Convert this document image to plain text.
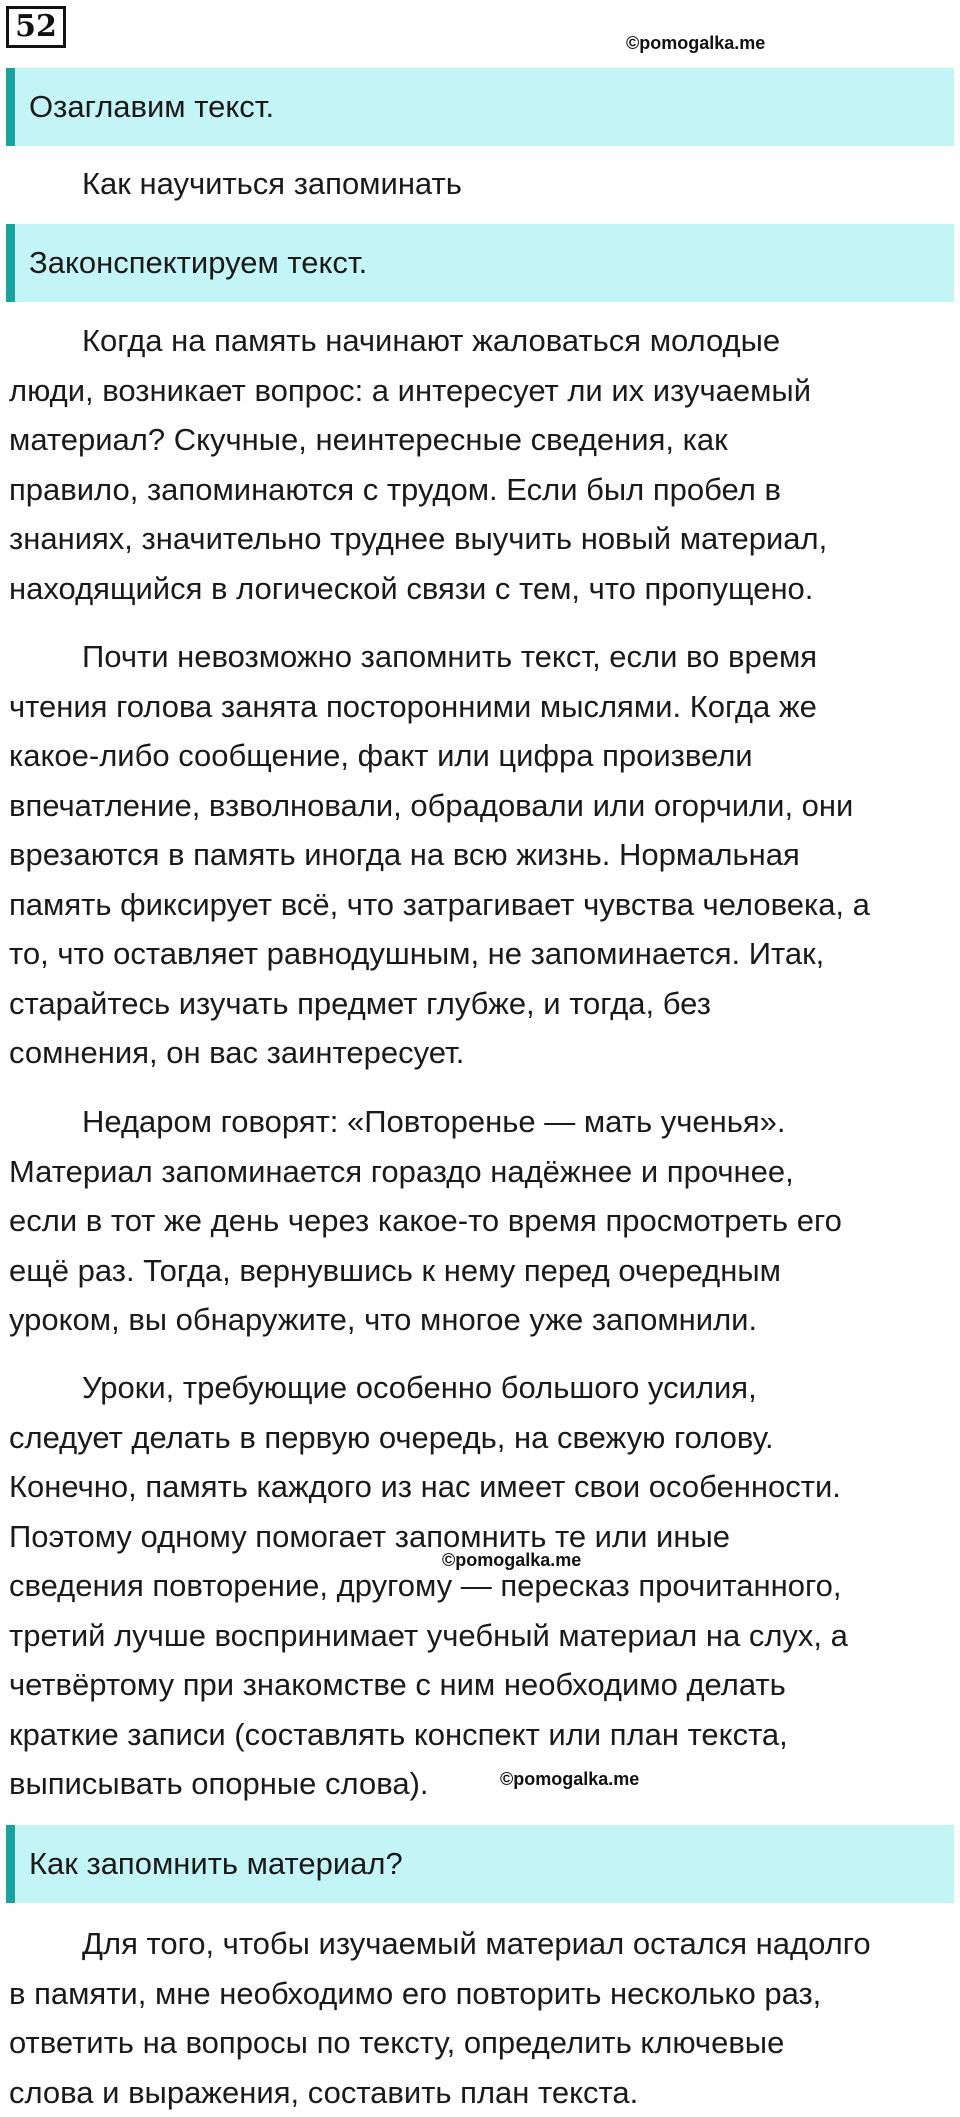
52	©pomogalka.me
Озаглавим текст.
Как научиться запоминать
Законспектируем текст.

Когда на память начинают жаловаться молодые
люди, возникает вопрос: а интересует ли их изучаемый
материал? Скучные, неинтересные сведения, как
правило, запоминаются с трудом. Если был пробел в
знаниях, значительно труднее выучить новый материал,
находящийся в логической связи с тем, что пропущено.

Почти невозможно запомнить текст, если во время
чтения голова занята посторонними мыслями. Когда же
какое-либо сообщение, факт или цифра произвели
впечатление, взволновали, обрадовали или огорчили, они
врезаются в память иногда на всю жизнь. Нормальная
память фиксирует всё, что затрагивает чувства человека, а
то, что оставляет равнодушным, не запоминается. Итак,
старайтесь изучать предмет глубже, и тогда, без
сомнения, он вас заинтересует.

Недаром говорят: «Повторенье — мать ученья».
Материал запоминается гораздо надёжнее и прочнее,
если в тот же день через какое-то время просмотреть его
ещё раз. Тогда, вернувшись к нему перед очередным
уроком, вы обнаружите, что многое уже запомнили.

Уроки, требующие особенно большого усилия,
следует делать в первую очередь, на свежую голову.
Конечно, память каждого из нас имеет свои особенности.
Поэтому одному помогает запомнить те или иные
сведения повторение, другому — пересказ прочитанного,
третий лучше воспринимает учебный материал на слух, а
четвёртому при знакомстве с ним необходимо делать
краткие записи (составлять конспект или план текста,
выписывать опорные слова).

©pomogalka.me
©pomogalka.me
Как запомнить материал?

Для того, чтобы изучаемый материал остался надолго
в памяти, мне необходимо его повторить несколько раз,
ответить на вопросы по тексту, определить ключевые
слова и выражения, составить план текста.
